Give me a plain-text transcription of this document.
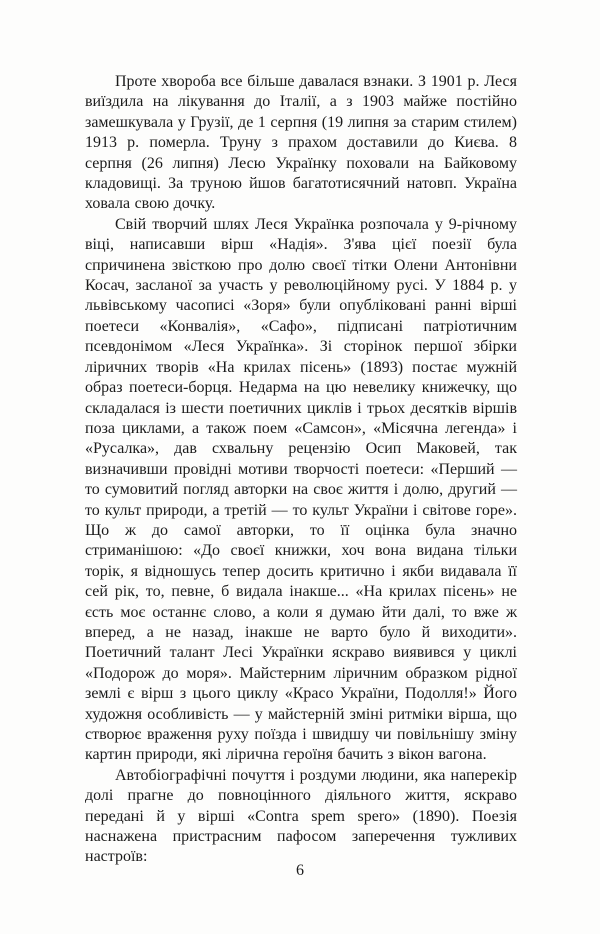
Проте хвороба все більше давалася взнаки. З 1901 р. Леся виїздила на лікування до Італії, а з 1903 майже постійно замешкувала у Грузії, де 1 серпня (19 липня за старим стилем) 1913 р. померла. Труну з прахом доставили до Києва. 8 серпня (26 липня) Лесю Українку поховали на Байковому кладовищі. За труною йшов багатотисячний натовп. Україна ховала свою дочку.

Свій творчий шлях Леся Українка розпочала у 9-річному віці, написавши вірш «Надія». З'ява цієї поезії була спричинена звісткою про долю своєї тітки Олени Антонівни Косач, засланої за участь у революційному русі. У 1884 р. у львівському часописі «Зоря» були опубліковані ранні вірші поетеси «Конвалія», «Сафо», підписані патріотичним псевдонімом «Леся Українка». Зі сторінок першої збірки ліричних творів «На крилах пісень» (1893) постає мужній образ поетеси-борця. Недарма на цю невелику книжечку, що складалася із шести поетичних циклів і трьох десятків віршів поза циклами, а також поем «Самсон», «Місячна легенда» і «Русалка», дав схвальну рецензію Осип Маковей, так визначивши провідні мотиви творчості поетеси: «Перший — то сумовитий погляд авторки на своє життя і долю, другий — то культ природи, а третій — то культ України і світове горе». Що ж до самої авторки, то її оцінка була значно стриманішою: «До своєї книжки, хоч вона видана тільки торік, я відношусь тепер досить критично і якби видавала її сей рік, то, певне, б видала інакше... «На крилах пісень» не єсть моє останнє слово, а коли я думаю йти далі, то вже ж вперед, а не назад, інакше не варто було й виходити». Поетичний талант Лесі Українки яскраво виявився у циклі «Подорож до моря». Майстерним ліричним образком рідної землі є вірш з цього циклу «Красо України, Подолля!» Його художня особливість — у майстерній зміні ритміки вірша, що створює враження руху поїзда і швидшу чи повільнішу зміну картин природи, які лірична героїня бачить з вікон вагона.

Автобіографічні почуття і роздуми людини, яка наперекір долі прагне до повноцінного діяльного життя, яскраво передані й у вірші «Contra spem spero» (1890). Поезія наснажена пристрасним пафосом заперечення тужливих настроїв:

6
